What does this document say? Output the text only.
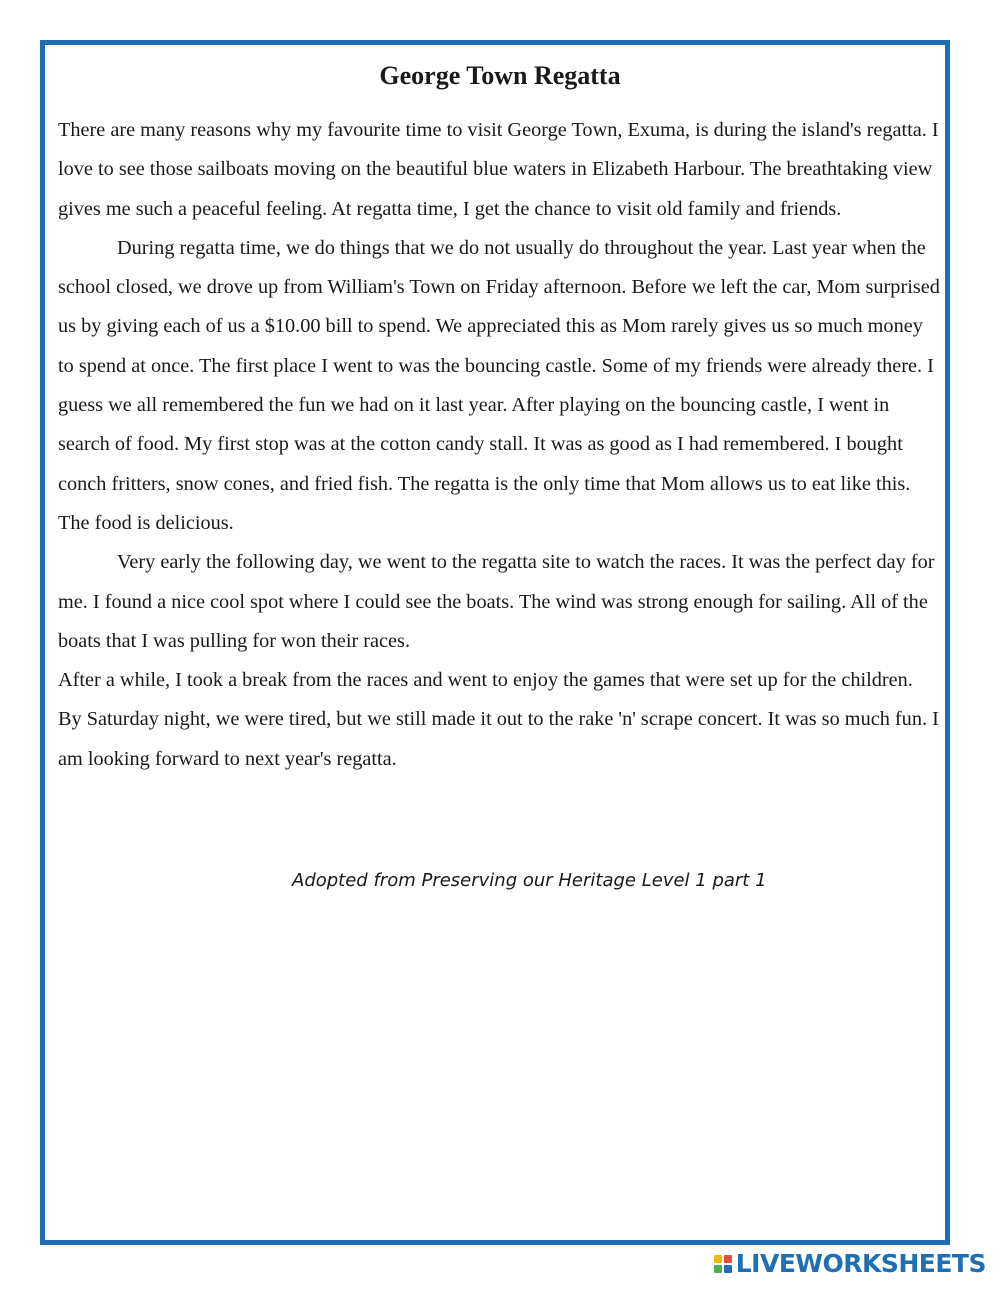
George Town Regatta

There are many reasons why my favourite time to visit George Town, Exuma, is during the island's regatta. I love to see those sailboats moving on the beautiful blue waters in Elizabeth Harbour. The breathtaking view gives me such a peaceful feeling. At regatta time, I get the chance to visit old family and friends.

During regatta time, we do things that we do not usually do throughout the year. Last year when the school closed, we drove up from William's Town on Friday afternoon. Before we left the car, Mom surprised us by giving each of us a $10.00 bill to spend. We appreciated this as Mom rarely gives us so much money to spend at once. The first place I went to was the bouncing castle. Some of my friends were already there. I guess we all remembered the fun we had on it last year. After playing on the bouncing castle, I went in search of food. My first stop was at the cotton candy stall. It was as good as I had remembered. I bought conch fritters, snow cones, and fried fish. The regatta is the only time that Mom allows us to eat like this. The food is delicious.

Very early the following day, we went to the regatta site to watch the races. It was the perfect day for me. I found a nice cool spot where I could see the boats. The wind was strong enough for sailing. All of the boats that I was pulling for won their races.

After a while, I took a break from the races and went to enjoy the games that were set up for the children. By Saturday night, we were tired, but we still made it out to the rake 'n' scrape concert. It was so much fun. I am looking forward to next year's regatta.

Adopted from Preserving our Heritage Level 1 part 1
LIVEWORKSHEETS
